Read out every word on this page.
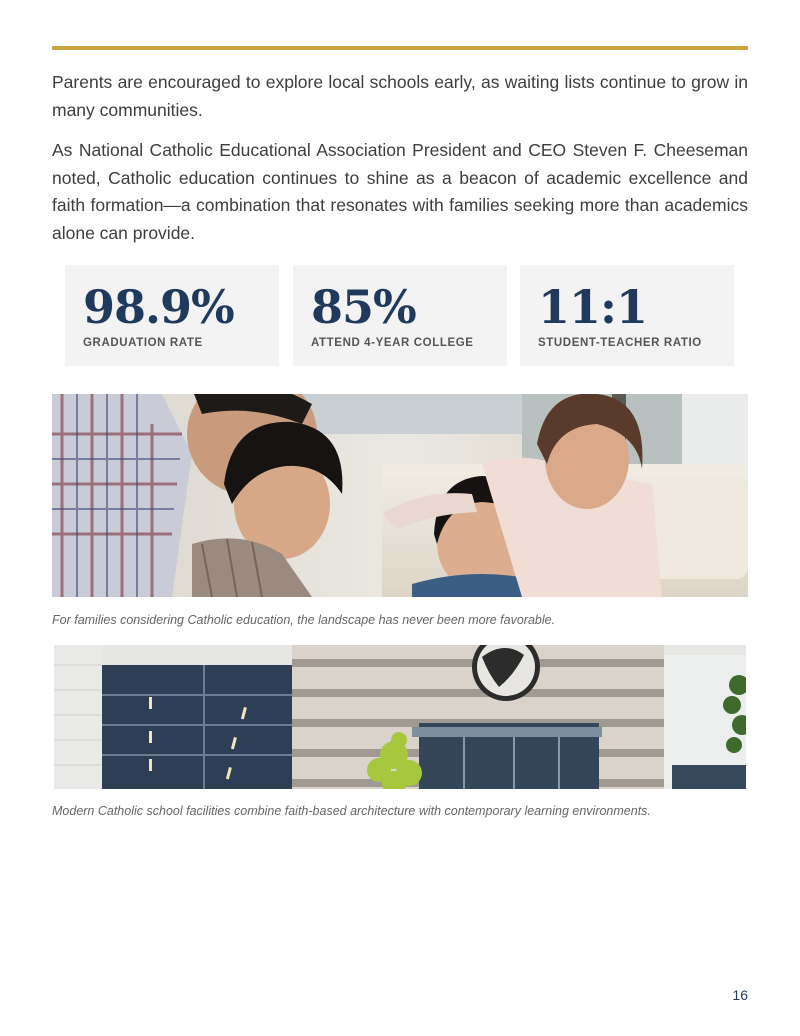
Parents are encouraged to explore local schools early, as waiting lists continue to grow in many communities.

As National Catholic Educational Association President and CEO Steven F. Cheeseman noted, Catholic education continues to shine as a beacon of academic excellence and faith formation—a combination that resonates with families seeking more than academics alone can provide.

98.9%
GRADUATION RATE
85%
ATTEND 4-YEAR COLLEGE
11:1
STUDENT-TEACHER RATIO

For families considering Catholic education, the landscape has never been more favorable.

Modern Catholic school facilities combine faith-based architecture with contemporary learning environments.

16
